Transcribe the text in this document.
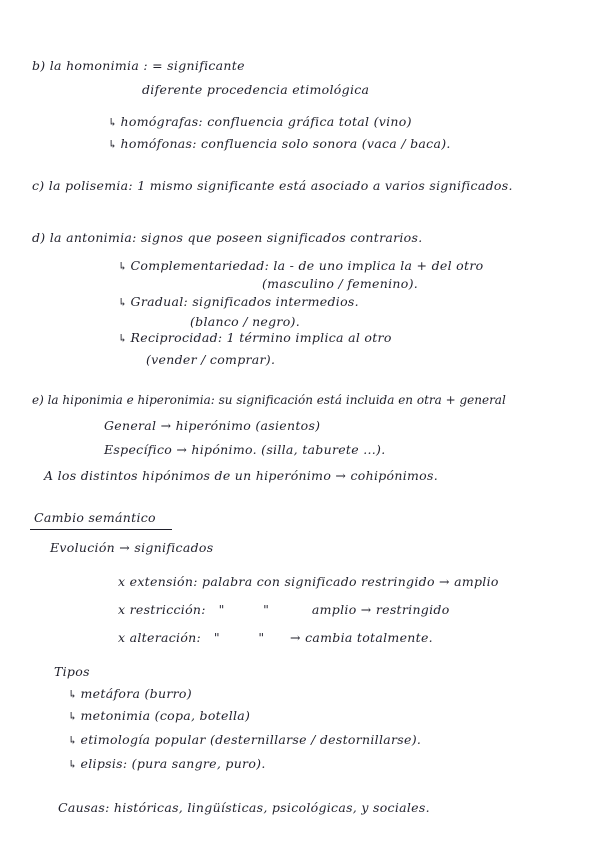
b) la homonimia : = significante
diferente procedencia etimológica
↳ homógrafas: confluencia gráfica total (vino)
↳ homófonas: confluencia solo sonora (vaca / baca).
c) la polisemia: 1 mismo significante está asociado a varios significados.
d) la antonimia: signos que poseen significados contrarios.
↳ Complementariedad: la - de uno implica la + del otro
(masculino / femenino).
↳ Gradual: significados intermedios.
(blanco / negro).
↳ Reciprocidad: 1 término implica al otro
(vender / comprar).
e) la hiponimia e hiperonimia: su significación está incluida en otra + general
General → hiperónimo (asientos)
Específico → hipónimo. (silla, taburete ...).
A los distintos hipónimos de un hiperónimo → cohipónimos.
Cambio semántico
Evolución → significados
x extensión: palabra con significado restringido → amplio
x restricción:   "         "          amplio → restringido
x alteración:   "         "      → cambia totalmente.
Tipos
↳ metáfora (burro)
↳ metonimia (copa, botella)
↳ etimología popular (desternillarse / destornillarse).
↳ elipsis: (pura sangre, puro).
Causas: históricas, lingüísticas, psicológicas, y sociales.
